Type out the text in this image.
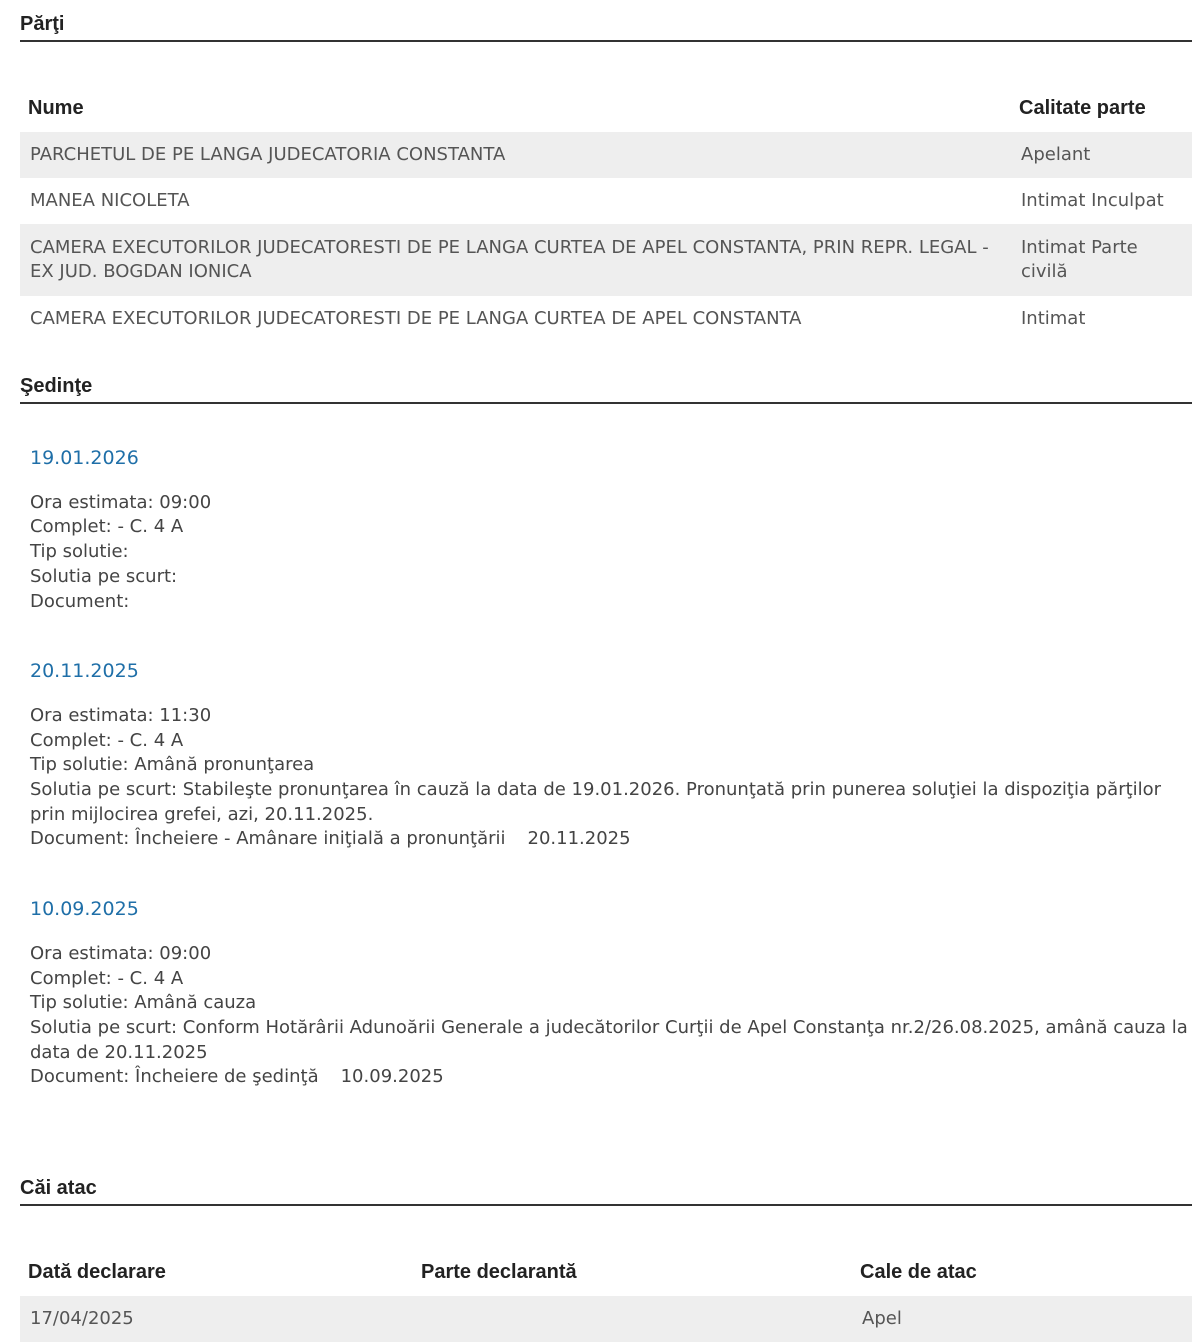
Părţi
Nume	Calitate parte
PARCHETUL DE PE LANGA JUDECATORIA CONSTANTA	Apelant
MANEA NICOLETA	Intimat Inculpat
CAMERA EXECUTORILOR JUDECATORESTI DE PE LANGA CURTEA DE APEL CONSTANTA, PRIN REPR. LEGAL - EX JUD. BOGDAN IONICA	Intimat Parte civilă
CAMERA EXECUTORILOR JUDECATORESTI DE PE LANGA CURTEA DE APEL CONSTANTA	Intimat
Şedinţe
19.01.2026
Ora estimata: 09:00
Complet: - C. 4 A
Tip solutie:
Solutia pe scurt:
Document:
20.11.2025
Ora estimata: 11:30
Complet: - C. 4 A
Tip solutie: Amână pronunţarea
Solutia pe scurt: Stabileşte pronunţarea în cauză la data de 19.01.2026. Pronunţată prin punerea soluţiei la dispoziţia părţilor prin mijlocirea grefei, azi, 20.11.2025.
Document: Încheiere - Amânare iniţială a pronunţării 20.11.2025
10.09.2025
Ora estimata: 09:00
Complet: - C. 4 A
Tip solutie: Amână cauza
Solutia pe scurt: Conform Hotărârii Adunoării Generale a judecătorilor Curţii de Apel Constanţa nr.2/26.08.2025, amână cauza la data de 20.11.2025
Document: Încheiere de şedinţă 10.09.2025
Căi atac
Dată declarare	Parte declarantă	Cale de atac
17/04/2025		Apel
